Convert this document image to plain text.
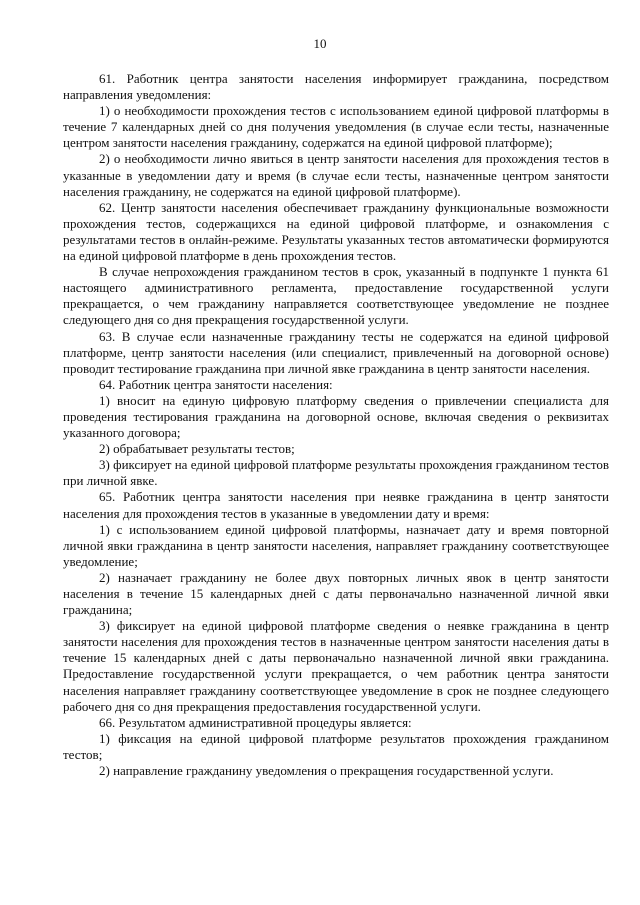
10

61. Работник центра занятости населения информирует гражданина, посредством направления уведомления:

1) о необходимости прохождения тестов с использованием единой цифровой платформы в течение 7 календарных дней со дня получения уведомления (в случае если тесты, назначенные центром занятости населения гражданину, содержатся на единой цифровой платформе);

2) о необходимости лично явиться в центр занятости населения для прохождения тестов в указанные в уведомлении дату и время (в случае если тесты, назначенные центром занятости населения гражданину, не содержатся на единой цифровой платформе).

62. Центр занятости населения обеспечивает гражданину функциональные возможности прохождения тестов, содержащихся на единой цифровой платформе, и ознакомления с результатами тестов в онлайн-режиме. Результаты указанных тестов автоматически формируются на единой цифровой платформе в день прохождения тестов.

В случае непрохождения гражданином тестов в срок, указанный в подпункте 1 пункта 61 настоящего административного регламента, предоставление государственной услуги прекращается, о чем гражданину направляется соответствующее уведомление не позднее следующего дня со дня прекращения государственной услуги.

63. В случае если назначенные гражданину тесты не содержатся на единой цифровой платформе, центр занятости населения (или специалист, привлеченный на договорной основе) проводит тестирование гражданина при личной явке гражданина в центр занятости населения.

64. Работник центра занятости населения:

1) вносит на единую цифровую платформу сведения о привлечении специалиста для проведения тестирования гражданина на договорной основе, включая сведения о реквизитах указанного договора;

2) обрабатывает результаты тестов;

3) фиксирует на единой цифровой платформе результаты прохождения гражданином тестов при личной явке.

65. Работник центра занятости населения при неявке гражданина в центр занятости населения для прохождения тестов в указанные в уведомлении дату и время:

1) с использованием единой цифровой платформы, назначает дату и время повторной личной явки гражданина в центр занятости населения, направляет гражданину соответствующее уведомление;

2) назначает гражданину не более двух повторных личных явок в центр занятости населения в течение 15 календарных дней с даты первоначально назначенной личной явки гражданина;

3) фиксирует на единой цифровой платформе сведения о неявке гражданина в центр занятости населения для прохождения тестов в назначенные центром занятости населения даты в течение 15 календарных дней с даты первоначально назначенной личной явки гражданина. Предоставление государственной услуги прекращается, о чем работник центра занятости населения направляет гражданину соответствующее уведомление в срок не позднее следующего рабочего дня со дня прекращения предоставления государственной услуги.

66. Результатом административной процедуры является:

1) фиксация на единой цифровой платформе результатов прохождения гражданином тестов;

2) направление гражданину уведомления о прекращения государственной услуги.
